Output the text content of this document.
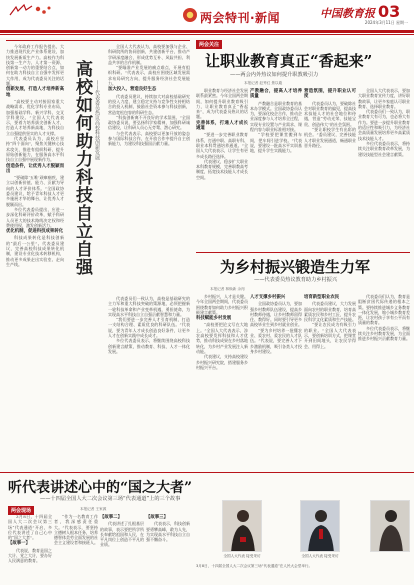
两会特刊·新闻	中国教育报 03
2024年3月11日 星期一

今年政府工作报告提出，大力推进现代化产业体系建设，加快发展新质生产力。高校作为科技第一生产力、人才第一资源、创新第一动力的重要结合点，如何在助力科技自立自强中发挥更大作用，成为代表委员关注的话题。

创新发展，打造人才培养新高地

“高校要主动对接国家重大战略需求，优化学科专业布局，加强基础学科、新兴学科、交叉学科建设。”全国人大代表表示，要着力培养拔尖创新人才，打造人才培养新高地，为科技自立自强提供坚实的人才支撑。

代表委员认为，高校应坚持“四个面向”，聚焦关键核心技术攻关，推进有组织科研，提升原始创新能力，在服务高水平科技自立自强中展现新作为。

创造条件，让优秀人才脱颖而出

“要破除‘五唯’顽瘴痼疾，建立以创新价值、能力、贡献为导向的人才评价体系。”全国政协委员建议，给予青年科技人才更多施展才华的舞台，让优秀人才脱颖而出。

多位代表委员提出，应进一步深化科研评价改革，赋予科研人员更大的技术路线决定权和经费使用权，激发创新活力。

优化机制，促进科技成果转化

科技成果转化是科技创新的“最后一公里”。代表委员建议，完善高校科技成果转化机制，建设专业化技术转移机构，推动更多成果走出实验室、走向生产线。	高校如何助力科技自立自强 ——代表委员热议高校科技创新发展

全国人大代表认为，高校要加强与企业、科研院所的协同创新，共建创新平台，推动产学研深度融合，形成优势互补、风险共担、利益共享的合作机制。

“要瞄准产业发展的痛点难点，开展有组织科研。”代表表示，高校应围绕区域发展需求布局研究方向，提升服务经济社会发展能力。

加大投入，营造良好生态

代表委员建议，持续加大对高校基础研究的投入力度，建立稳定支持与竞争性支持相结合的投入机制，鼓励社会资本参与科技创新，营造宽松包容的科研生态。

“科技创新离不开良好的学术氛围。”全国政协委员说，要弘扬科学家精神，加强科研诚信建设，让科研人员心无旁骛、潜心研究。

与会代表表示，高校要以更加开放的姿态参与国际科技合作，在开放合作中提升自主创新能力，为建设科技强国贡献力量。

代表委员们一致认为，高校是基础研究的主力军和重大科技突破的策源地，必须把握新一轮科技革命和产业变革机遇，勇担使命，为实现高水平科技自立自强贡献智慧和力量。

“我们要进一步完善人才引育机制，打造一支结构合理、素质优良的科研队伍。”代表说，要为青年人才成长创造良好条件，让更多人才在创新实践中成长成才。

多位代表委员表示，将继续围绕高校科技创新建言献策，推动教育、科技、人才一体化发展。

两会关注
让职业教育真正“香起来”
——两会内外热议如何提升职教吸引力
本报记者 赵秀红 焦以璇

职业教育与经济社会发展联系最紧密。今年全国两会期间，如何提升职业教育吸引力，让职业教育真正“香起来”，成为代表委员热议的话题。

完善体系，打通人才成长通道

“要进一步完善职业教育体系，打通中职、高职专科、职业本科贯通培养通道。”全国人大代表表示，让学生有更多成长路径选择。

代表建议，稳步扩大职业本科教育规模，完善职教高考制度，拓宽技术技能人才成长空间。

产教融合，提高人才培养质量

产教融合是职业教育的基本办学模式。全国政协委员认为，要深化校企合作，推动企业深度参与人才培养全过程，实现专业设置与产业需求、课程内容与职业标准相对接。

“学校要把课堂搬到车间，把车间引进学校。”代表说，要建设一批高水平实训基地，提升学生实践能力。

营造氛围，提升职业认可度

代表委员认为，要破除社会对职业教育的偏见，提高技术技能人才的社会地位和待遇，营造“劳动光荣、技能宝贵、创造伟大”的社会氛围。

“要让职校学生有出彩的机会。”委员建议，完善技能人才职业发展通道，畅通职业晋升路径。

全国人大代表表示，要加大职业教育宣传力度，讲好职教故事，让更多家庭认可职业教育、选择职业教育。

代表委员们一致认为，职业教育大有可为，也必将大有作为。要进一步提升职业教育的适应性和吸引力，为经济社会高质量发展培养更多高素质技术技能人才。

多位代表委员表示，将持续关注职业教育改革发展，为建设技能型社会建言献策。

为乡村振兴锻造生力军
——代表委员热议教育助力乡村振兴
本报记者 林焕新 余闯

乡村振兴，人才是关键。今年全国两会期间，代表委员围绕教育如何助力乡村振兴积极建言献策。

科技赋能乡村发展

“高校要把论文写在大地上。”全国人大代表表示，涉农高校要发挥科技和人才优势，推动科技成果在乡村落地转化，为乡村产业发展注入新动能。

代表建议，支持高校建设乡村振兴研究院，搭建服务乡村振兴平台。

人才支撑乡村振兴

全国政协委员认为，要加强乡村教师队伍建设，提高乡村教师待遇，让乡村教师留得住、教得好。同时要引导更多高校毕业生到乡村就业创业。

“要为乡村培养一批懂农业、爱农村、爱农民的人才队伍。”代表说，要完善人才下乡激励机制，吸引各类人才投身乡村建设。

培育新型职业农民

代表委员建议，大力发展面向农村的职业教育，培育高素质农民和乡村工匠，提升农民科学文化素质和生产技能。

“要让农民成为有吸引力的职业。”全国人大代表表示，要创新培训方式，把课堂开到田间地头，让农民学得会、用得上。

代表委员们认为，教育是阻断贫困代际传递的根本之策。要持续推进城乡义务教育一体化发展，缩小城乡教育差距，让农村孩子享有公平而有质量的教育。

多位代表委员表示，将继续关注乡村教育发展，为全面推进乡村振兴贡献教育力量。

听代表讲述心中的“国之大者”
——十四届全国人大二次会议第三场“代表通道”上的三个故事
两会现场	本报记者 王家源

3月8日，十四届全国人大二次会议第三场“代表通道”开启，多位代表讲述了自己心中的“国之大者”。

【故事一】

代表说，教育是国之大计、党之大计，要办好人民满意的教育。

“作为一名教育工作者，我深感责任重大。”代表表示，要坚持立德树人根本任务，培养德智体美劳全面发展的社会主义建设者和接班人。

【故事二】

代表讲述了扎根基层的故事，表示要把所学所长奉献给祖国和人民，在平凡岗位上创造不平凡的业绩。

【故事三】

代表表示，科技创新要勇攀高峰，敢为人先，为实现高水平科技自立自强不懈奋斗。

全国人大代表 接受采访	全国人大代表 接受采访
3月8日，十四届全国人大二次会议第三场“代表通道”在人民大会堂举行。
